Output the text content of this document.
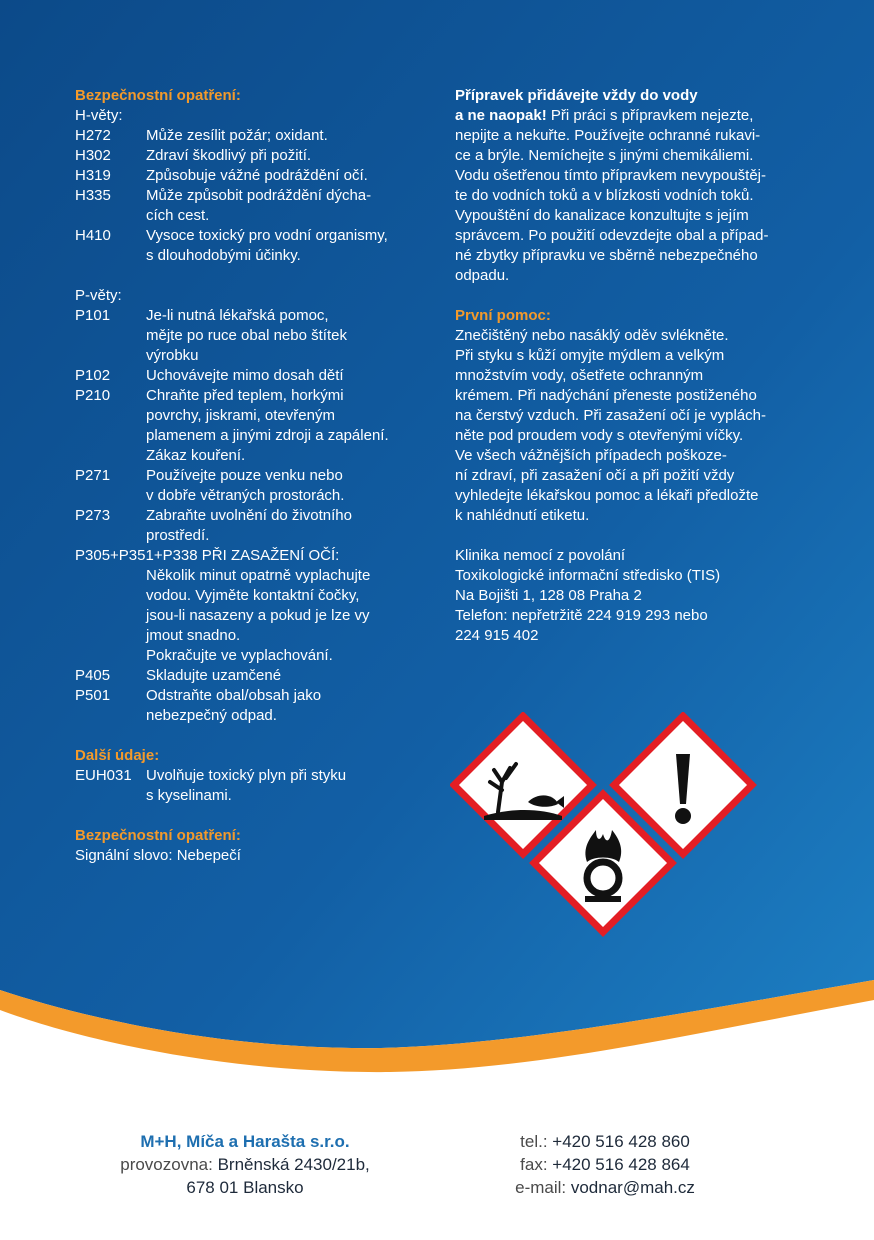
Bezpečnostní opatření:
H-věty:
H272	Může zesílit požár; oxidant.
H302	Zdraví škodlivý při požití.
H319	Způsobuje vážné podráždění očí.
H335	Může způsobit podráždění dýcha-
cích cest.
H410	Vysoce toxický pro vodní organismy,
s dlouhodobými účinky.
P-věty:
P101	Je-li nutná lékařská pomoc,
mějte po ruce obal nebo štítek
výrobku
P102	Uchovávejte mimo dosah dětí
P210	Chraňte před teplem, horkými
povrchy, jiskrami, otevřeným
plamenem a jinými zdroji a zapálení.
Zákaz kouření.
P271	Používejte pouze venku nebo
v dobře větraných prostorách.
P273	Zabraňte uvolnění do životního
prostředí.
P305+P351+P338 PŘI ZASAŽENÍ OČÍ:
Několik minut opatrně vyplachujte
vodou. Vyjměte kontaktní čočky,
jsou-li nasazeny a pokud je lze vy
jmout snadno.
Pokračujte ve vyplachování.
P405	Skladujte uzamčené
P501	Odstraňte obal/obsah jako
nebezpečný odpad.
Další údaje:
EUH031 Uvolňuje toxický plyn při styku
s kyselinami.
Bezpečnostní opatření:
Signální slovo: Nebepečí
Přípravek přidávejte vždy do vody
a ne naopak! Při práci s přípravkem nejezte,
nepijte a nekuřte. Používejte ochranné rukavi-
ce a brýle. Nemíchejte s jinými chemikáliemi.
Vodu ošetřenou tímto přípravkem nevypouštěj-
te do vodních toků a v blízkosti vodních toků.
Vypouštění do kanalizace konzultujte s jejím
správcem. Po použití odevzdejte obal a případ-
né zbytky přípravku ve sběrně nebezpečného
odpadu.
První pomoc:
Znečištěný nebo nasáklý oděv svlékněte.
Při styku s kůží omyjte mýdlem a velkým
množstvím vody, ošetřete ochranným
krémem. Při nadýchání přeneste postiženého
na čerstvý vzduch. Při zasažení očí je vyplách-
něte pod proudem vody s otevřenými víčky.
Ve všech vážnějších případech poškoze-
ní zdraví, při zasažení očí a při požití vždy
vyhledejte lékařskou pomoc a lékaři předložte
k nahlédnutí etiketu.
Klinika nemocí z povolání
Toxikologické informační středisko (TIS)
Na Bojišti 1, 128 08 Praha 2
Telefon: nepřetržitě 224 919 293 nebo
224 915 402
M+H, Míča a Harašta s.r.o.
provozovna: Brněnská 2430/21b,
678 01 Blansko
tel.: +420 516 428 860
fax: +420 516 428 864
e-mail: vodnar@mah.cz
